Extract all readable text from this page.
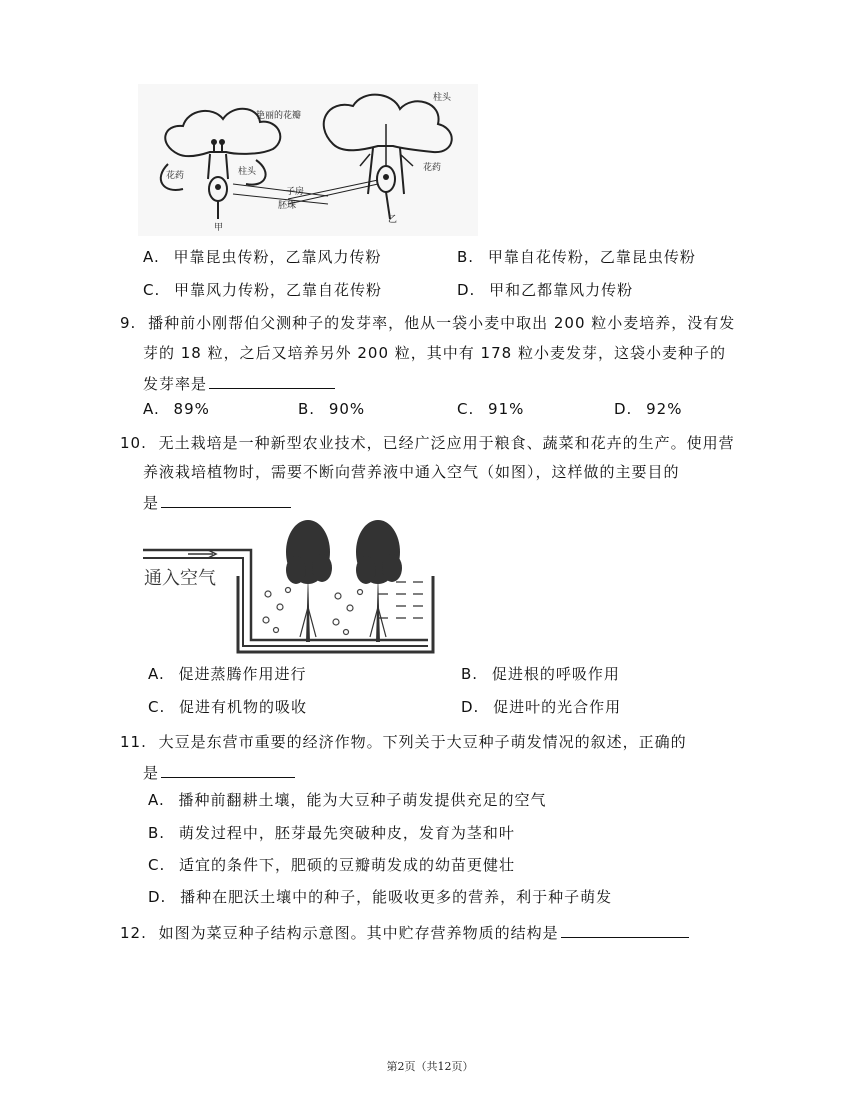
艳丽的花瓣
柱头
柱头
花药
子房
胚珠
花药
甲
乙
A. 甲靠昆虫传粉，乙靠风力传粉	B. 甲靠自花传粉，乙靠昆虫传粉
C. 甲靠风力传粉，乙靠自花传粉	D. 甲和乙都靠风力传粉
9. 播种前小刚帮伯父测种子的发芽率，他从一袋小麦中取出 200 粒小麦培养，没有发
芽的 18 粒，之后又培养另外 200 粒，其中有 178 粒小麦发芽，这袋小麦种子的
发芽率是
A. 89%	B. 90%	C. 91%	D. 92%
10. 无土栽培是一种新型农业技术，已经广泛应用于粮食、蔬菜和花卉的生产。使用营
养液栽培植物时，需要不断向营养液中通入空气（如图），这样做的主要目的
是
通入空气
A. 促进蒸腾作用进行	B. 促进根的呼吸作用
C. 促进有机物的吸收	D. 促进叶的光合作用
11. 大豆是东营市重要的经济作物。下列关于大豆种子萌发情况的叙述，正确的
是
A. 播种前翻耕土壤，能为大豆种子萌发提供充足的空气
B. 萌发过程中，胚芽最先突破种皮，发育为茎和叶
C. 适宜的条件下，肥硕的豆瓣萌发成的幼苗更健壮
D. 播种在肥沃土壤中的种子，能吸收更多的营养，利于种子萌发
12. 如图为菜豆种子结构示意图。其中贮存营养物质的结构是
第2页（共12页）
